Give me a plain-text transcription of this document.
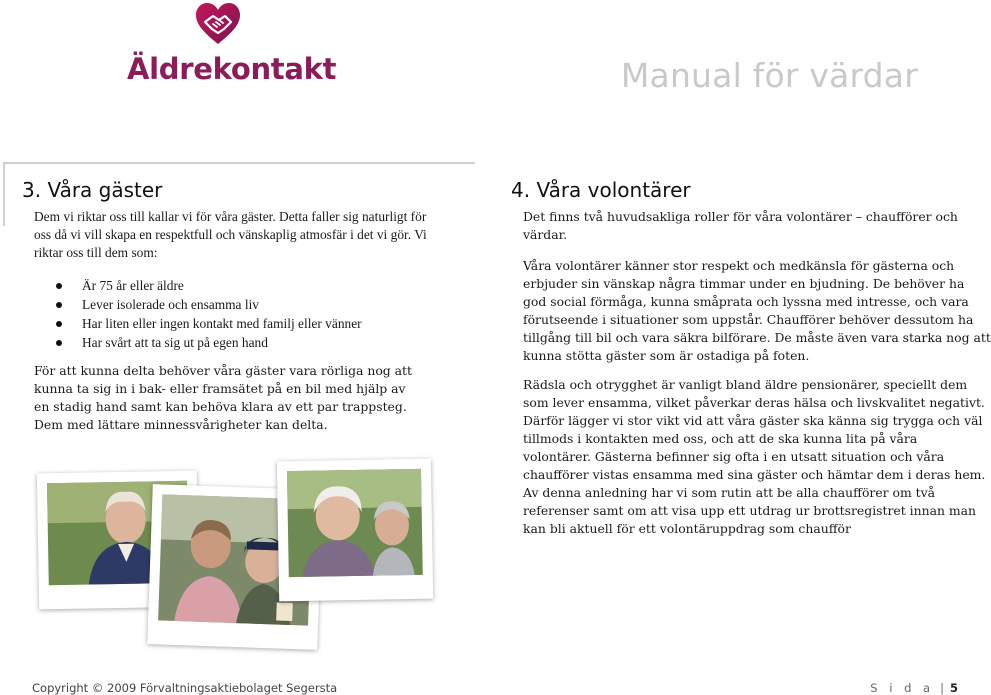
Äldrekontakt	Manual för värdar
3. Våra gäster
Dem vi riktar oss till kallar vi för våra gäster. Detta faller sig naturligt för oss då vi vill skapa en respektfull och vänskaplig atmosfär i det vi gör. Vi riktar oss till dem som:
Är 75 år eller äldre
Lever isolerade och ensamma liv
Har liten eller ingen kontakt med familj eller vänner
Har svårt att ta sig ut på egen hand
För att kunna delta behöver våra gäster vara rörliga nog att kunna ta sig in i bak- eller framsätet på en bil med hjälp av en stadig hand samt kan behöva klara av ett par trappsteg. Dem med lättare minnessvårigheter kan delta.
4. Våra volontärer
Det finns två huvudsakliga roller för våra volontärer – chaufförer och
värdar.
Våra volontärer känner stor respekt och medkänsla för gästerna och
erbjuder sin vänskap några timmar under en bjudning. De behöver ha
god social förmåga, kunna småprata och lyssna med intresse, och vara
förutseende i situationer som uppstår. Chaufförer behöver dessutom ha
tillgång till bil och vara säkra bilförare. De måste även vara starka nog att
kunna stötta gäster som är ostadiga på foten.
Rädsla och otrygghet är vanligt bland äldre pensionärer, speciellt dem
som lever ensamma, vilket påverkar deras hälsa och livskvalitet negativt.
Därför lägger vi stor vikt vid att våra gäster ska känna sig trygga och väl
tillmods i kontakten med oss, och att de ska kunna lita på våra
volontärer. Gästerna befinner sig ofta i en utsatt situation och våra
chaufförer vistas ensamma med sina gäster och hämtar dem i deras hem.
Av denna anledning har vi som rutin att be alla chaufförer om två
referenser samt om att visa upp ett utdrag ur brottsregistret innan man
kan bli aktuell för ett volontäruppdrag som chaufför
Copyright © 2009 Förvaltningsaktiebolaget Segersta	S i d a | 5
